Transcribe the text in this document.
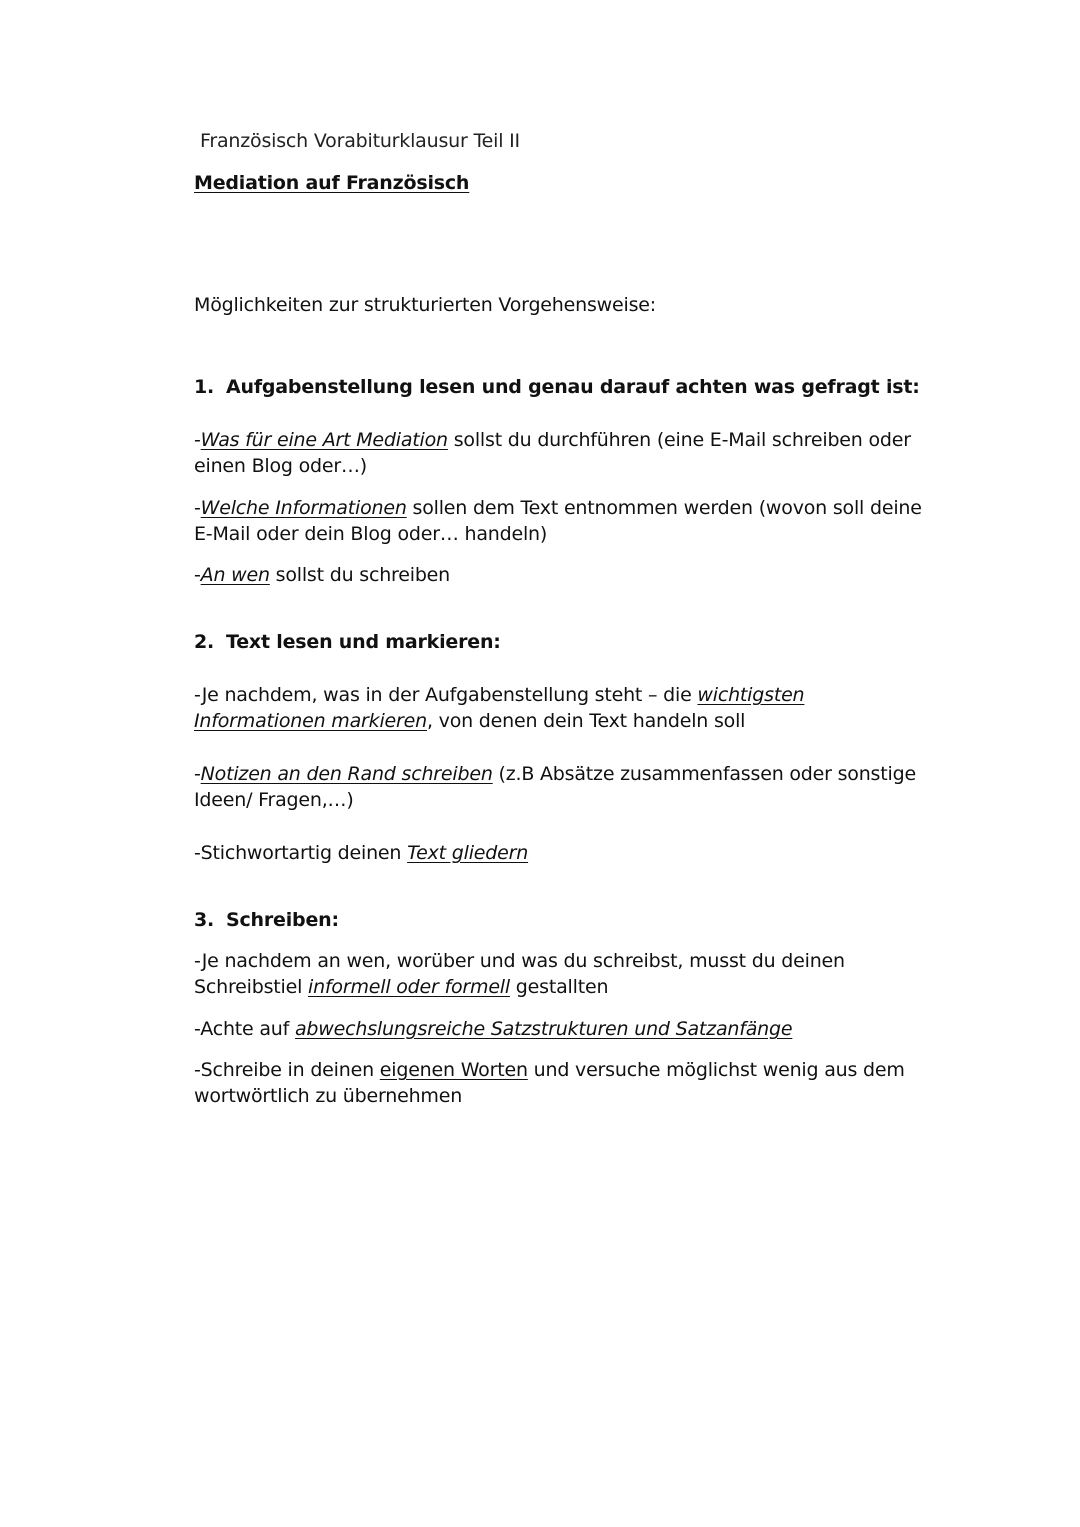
Französisch Vorabiturklausur Teil II
Mediation auf Französisch
Möglichkeiten zur strukturierten Vorgehensweise:
1. Aufgabenstellung lesen und genau darauf achten was gefragt ist:
-Was für eine Art Mediation sollst du durchführen (eine E-Mail schreiben oder
einen Blog oder…)
-Welche Informationen sollen dem Text entnommen werden (wovon soll deine
E-Mail oder dein Blog oder… handeln)
-An wen sollst du schreiben
2. Text lesen und markieren:
-Je nachdem, was in der Aufgabenstellung steht – die wichtigsten
Informationen markieren, von denen dein Text handeln soll
-Notizen an den Rand schreiben (z.B Absätze zusammenfassen oder sonstige
Ideen/ Fragen,…)
-Stichwortartig deinen Text gliedern
3. Schreiben:
-Je nachdem an wen, worüber und was du schreibst, musst du deinen
Schreibstiel informell oder formell gestallten
-Achte auf abwechslungsreiche Satzstrukturen und Satzanfänge
-Schreibe in deinen eigenen Worten und versuche möglichst wenig aus dem
wortwörtlich zu übernehmen
